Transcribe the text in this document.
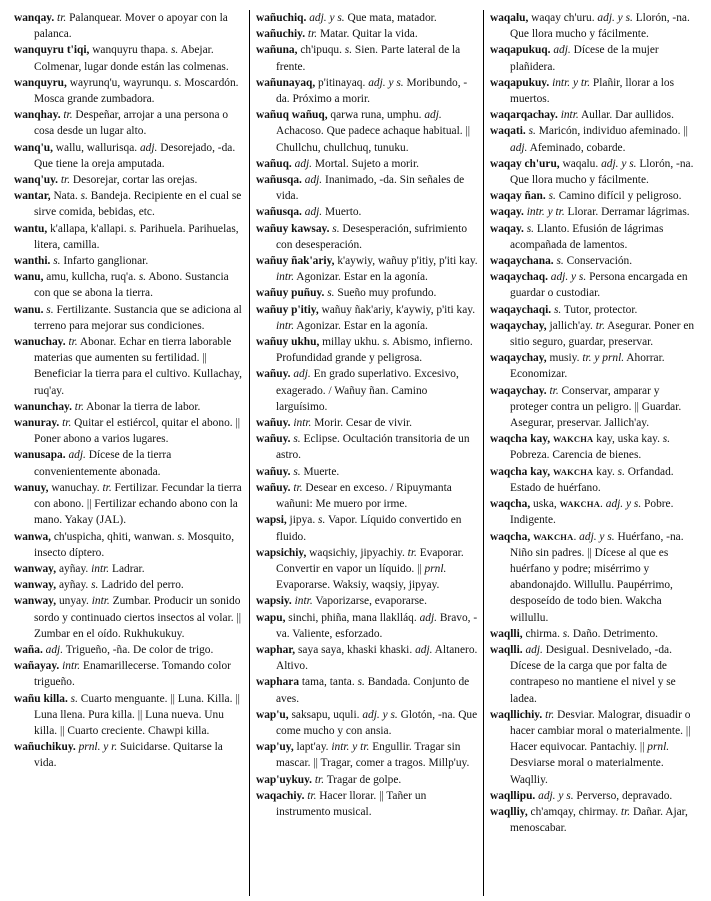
wanqay. tr. Palanquear. Mover o apoyar con la palanca.

wanquyru t'iqi, wanquyru thapa. s. Abejar. Colmenar, lugar donde están las colmenas.

wanquyru, wayrunq'u, wayrunqu. s. Moscardón. Mosca grande zumbadora.

wanqhay. tr. Despeñar, arrojar a una persona o cosa desde un lugar alto.

wanq'u, wallu, wallurisqa. adj. Desorejado, -da. Que tiene la oreja amputada.

wanq'uy. tr. Desorejar, cortar las orejas.

wantar, Nata. s. Bandeja. Recipiente en el cual se sirve comida, bebidas, etc.

wantu, k'allapa, k'allapi. s. Parihuela. Parihuelas, litera, camilla.

wanthi. s. Infarto ganglionar.

wanu, amu, kullcha, ruq'a. s. Abono. Sustancia con que se abona la tierra.

wanu. s. Fertilizante. Sustancia que se adiciona al terreno para mejorar sus condiciones.

wanuchay. tr. Abonar. Echar en tierra laborable materias que aumenten su fertilidad. || Beneficiar la tierra para el cultivo. Kullachay, ruq'ay.

wanunchay. tr. Abonar la tierra de labor.

wanuray. tr. Quitar el estiércol, quitar el abono. || Poner abono a varios lugares.

wanusapa. adj. Dícese de la tierra convenientemente abonada.

wanuy, wanuchay. tr. Fertilizar. Fecundar la tierra con abono. || Fertilizar echando abono con la mano. Yakay (JAL).

wanwa, ch'uspicha, qhiti, wanwan. s. Mosquito, insecto díptero.

wanway, ayñay. intr. Ladrar.

wanway, ayñay. s. Ladrido del perro.

wanway, unyay. intr. Zumbar. Producir un sonido sordo y continuado ciertos insectos al volar. || Zumbar en el oído. Rukhukukuy.

waña. adj. Trigueño, -ña. De color de trigo.

wañayay. intr. Enamarillecerse. Tomando color trigueño.

wañu killa. s. Cuarto menguante. || Luna. Killa. || Luna llena. Pura killa. || Luna nueva. Unu killa. || Cuarto creciente. Chawpi killa.

wañuchikuy. prnl. y r. Suicidarse. Quitarse la vida.

wañuchiq. adj. y s. Que mata, matador.

wañuchiy. tr. Matar. Quitar la vida.

wañuna, ch'ipuqu. s. Sien. Parte lateral de la frente.

wañunayaq, p'itinayaq. adj. y s. Moribundo, -da. Próximo a morir.

wañuq wañuq, qarwa runa, umphu. adj. Achacoso. Que padece achaque habitual. || Chullchu, chullchuq, tunuku.

wañuq. adj. Mortal. Sujeto a morir.

wañusqa. adj. Inanimado, -da. Sin señales de vida.

wañusqa. adj. Muerto.

wañuy kawsay. s. Desesperación, sufrimiento con desesperación.

wañuy ñak'ariy, k'aywiy, wañuy p'itiy, p'iti kay. intr. Agonizar. Estar en la agonía.

wañuy puñuy. s. Sueño muy profundo.

wañuy p'itiy, wañuy ñak'ariy, k'aywiy, p'iti kay. intr. Agonizar. Estar en la agonía.

wañuy ukhu, millay ukhu. s. Abismo, infierno. Profundidad grande y peligrosa.

wañuy. adj. En grado superlativo. Excesivo, exagerado. / Wañuy ñan. Camino larguísimo.

wañuy. intr. Morir. Cesar de vivir.

wañuy. s. Eclipse. Ocultación transitoria de un astro.

wañuy. s. Muerte.

wañuy. tr. Desear en exceso. / Ripuymanta wañuni: Me muero por irme.

wapsi, jipya. s. Vapor. Líquido convertido en fluido.

wapsichiy, waqsichiy, jipyachiy. tr. Evaporar. Convertir en vapor un líquido. || prnl. Evaporarse. Waksiy, waqsiy, jipyay.

wapsiy. intr. Vaporizarse, evaporarse.

wapu, sinchi, phiña, mana llaklláq. adj. Bravo, -va. Valiente, esforzado.

waphar, saya saya, khaski khaski. adj. Altanero. Altivo.

waphara tama, tanta. s. Bandada. Conjunto de aves.

wap'u, saksapu, uquli. adj. y s. Glotón, -na. Que come mucho y con ansia.

wap'uy, lapt'ay. intr. y tr. Engullir. Tragar sin mascar. || Tragar, comer a tragos. Millp'uy.

wap'uykuy. tr. Tragar de golpe.

waqachiy. tr. Hacer llorar. || Tañer un instrumento musical.

waqalu, waqay ch'uru. adj. y s. Llorón, -na. Que llora mucho y fácilmente.

waqapukuq. adj. Dícese de la mujer plañidera.

waqapukuy. intr. y tr. Plañir, llorar a los muertos.

waqarqachay. intr. Aullar. Dar aullidos.

waqati. s. Maricón, individuo afeminado. || adj. Afeminado, cobarde.

waqay ch'uru, waqalu. adj. y s. Llorón, -na. Que llora mucho y fácilmente.

waqay ñan. s. Camino difícil y peligroso.

waqay. intr. y tr. Llorar. Derramar lágrimas.

waqay. s. Llanto. Efusión de lágrimas acompañada de lamentos.

waqaychana. s. Conservación.

waqaychaq. adj. y s. Persona encargada en guardar o custodiar.

waqaychaqi. s. Tutor, protector.

waqaychay, jallich'ay. tr. Asegurar. Poner en sitio seguro, guardar, preservar.

waqaychay, musiy. tr. y prnl. Ahorrar. Economizar.

waqaychay. tr. Conservar, amparar y proteger contra un peligro. || Guardar. Asegurar, preservar. Jallich'ay.

waqcha kay, WAKCHA kay, uska kay. s. Pobreza. Carencia de bienes.

waqcha kay, WAKCHA kay. s. Orfandad. Estado de huérfano.

waqcha, uska, WAKCHA. adj. y s. Pobre. Indigente.

waqcha, WAKCHA. adj. y s. Huérfano, -na. Niño sin padres. || Dícese al que es huérfano y podre; misérrimo y abandonajdo. Willullu. Paupérrimo, desposeído de todo bien. Wakcha willullu.

waqlli, chirma. s. Daño. Detrimento.

waqlli. adj. Desigual. Desnivelado, -da. Dícese de la carga que por falta de contrapeso no mantiene el nivel y se ladea.

waqllichiy. tr. Desviar. Malograr, disuadir o hacer cambiar moral o materialmente. || Hacer equivocar. Pantachiy. || prnl. Desviarse moral o materialmente. Waqlliy.

waqllipu. adj. y s. Perverso, depravado.

waqlliy, ch'amqay, chirmay. tr. Dañar. Ajar, menoscabar.
